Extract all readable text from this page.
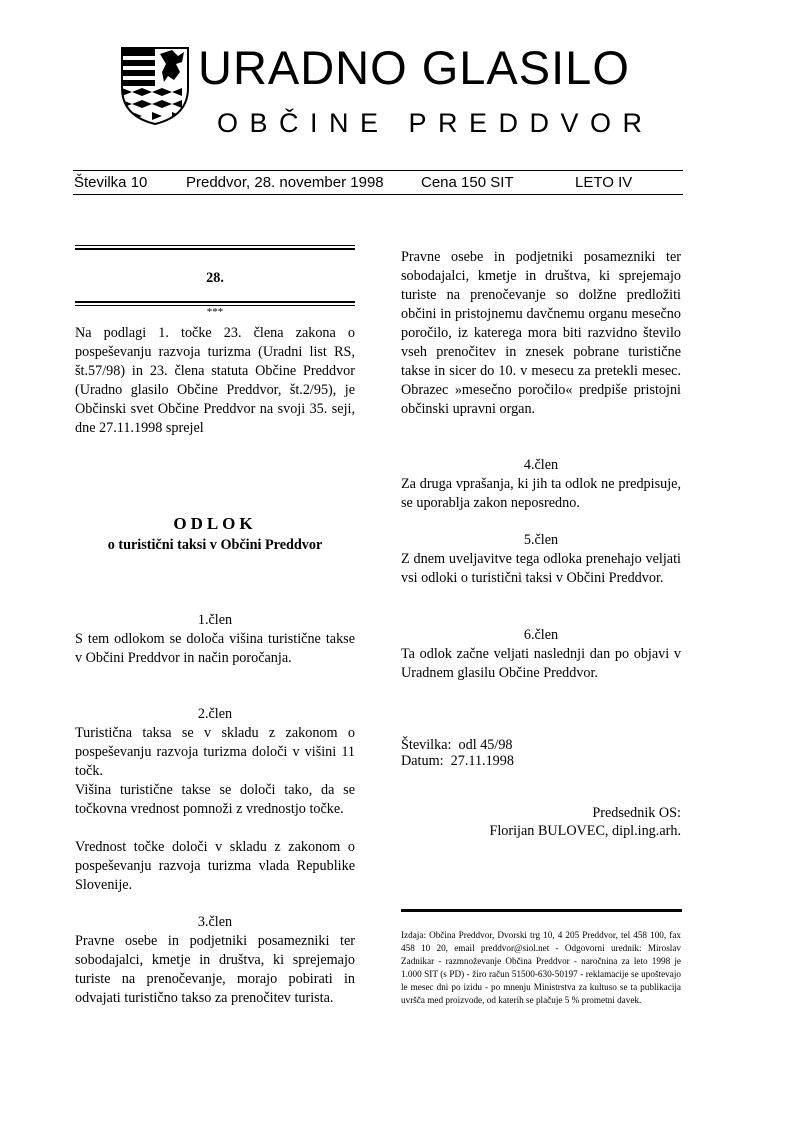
URADNO GLASILO
OBČINE PREDDVOR
Številka 10	Preddvor, 28. november 1998 Cena 150 SIT	LETO IV
28.
***
Na podlagi 1. točke 23. člena zakona o pospeševanju razvoja turizma (Uradni list RS, št.57/98) in 23. člena statuta Občine Preddvor (Uradno glasilo Občine Preddvor, št.2/95), je Občinski svet Občine Preddvor na svoji 35. seji, dne 27.11.1998 sprejel
ODLOK
o turistični taksi v Občini Preddvor
1.člen
S tem odlokom se določa višina turistične takse v Občini Preddvor in način poročanja.
2.člen
Turistična taksa se v skladu z zakonom o pospeševanju razvoja turizma določi v višini 11 točk.
Višina turistične takse se določi tako, da se točkovna vrednost pomnoži z vrednostjo točke.
Vrednost točke določi v skladu z zakonom o pospeševanju razvoja turizma vlada Republike Slovenije.
3.člen
Pravne osebe in podjetniki posamezniki ter sobodajalci, kmetje in društva, ki sprejemajo turiste na prenočevanje, morajo pobirati in odvajati turistično takso za prenočitev turista.
Pravne osebe in podjetniki posamezniki ter sobodajalci, kmetje in društva, ki sprejemajo turiste na prenočevanje so dolžne predložiti občini in pristojnemu davčnemu organu mesečno poročilo, iz katerega mora biti razvidno število vseh prenočitev in znesek pobrane turistične takse in sicer do 10. v mesecu za pretekli mesec. Obrazec »mesečno poročilo« predpiše pristojni občinski upravni organ.
4.člen
Za druga vprašanja, ki jih ta odlok ne predpisuje, se uporablja zakon neposredno.
5.člen
Z dnem uveljavitve tega odloka prenehajo veljati vsi odloki o turistični taksi v Občini Preddvor.
6.člen
Ta odlok začne veljati naslednji dan po objavi v Uradnem glasilu Občine Preddvor.
Številka:  odl 45/98
Datum:  27.11.1998
Predsednik OS:
Florijan BULOVEC, dipl.ing.arh.
Izdaja: Občina Preddvor, Dvorski trg 10, 4 205 Preddvor, tel 458 100, fax 458 10 20, email preddvor@siol.net - Odgovorni urednik: Miroslav Zadnikar - razmnoževanje Občina Preddvor - naročnina za leto 1998 je 1.000 SIT (s PD) - žiro račun 51500-630-50197 - reklamacije se upoštevajo le mesec dni po izidu - po mnenju Ministrstva za kultuso se ta publikacija uvršča med proizvode, od katerih se plačuje 5 % prometni davek.
